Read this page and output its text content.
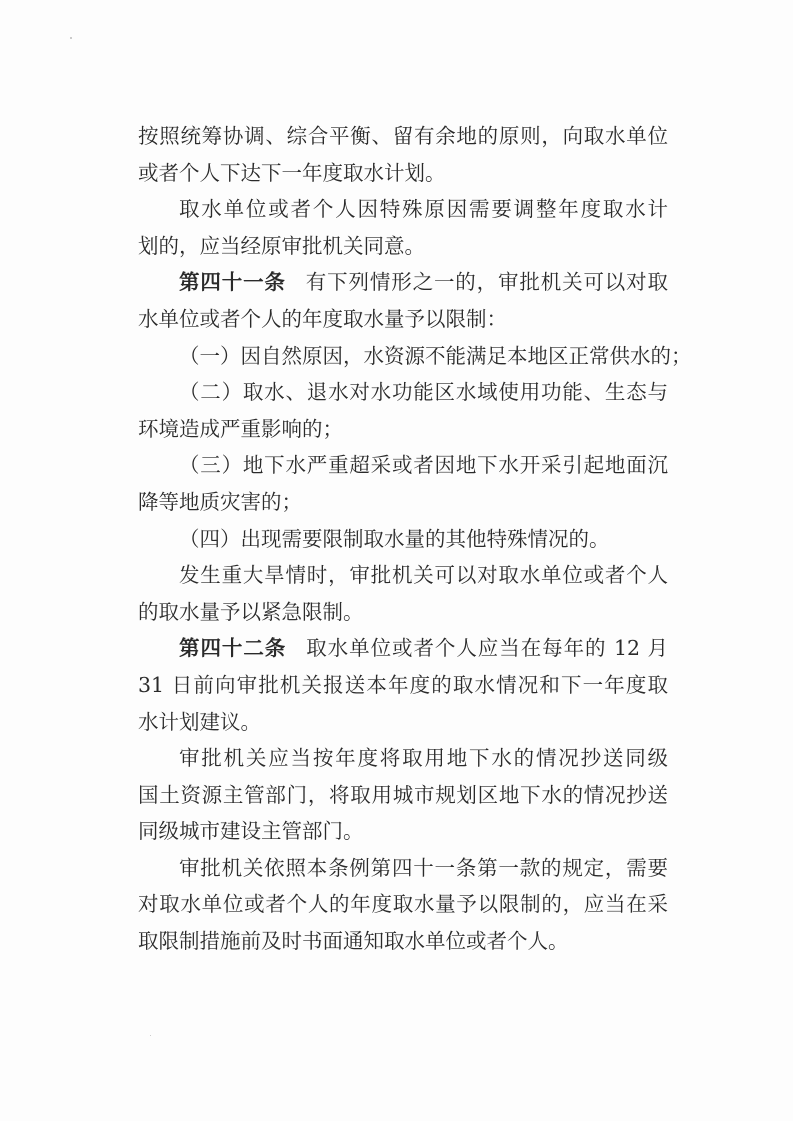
按照统筹协调、综合平衡、留有余地的原则，向取水单位
或者个人下达下一年度取水计划。
取水单位或者个人因特殊原因需要调整年度取水计
划的，应当经原审批机关同意。
第四十一条 有下列情形之一的，审批机关可以对取
水单位或者个人的年度取水量予以限制：
（一）因自然原因，水资源不能满足本地区正常供水的；
（二）取水、退水对水功能区水域使用功能、生态与
环境造成严重影响的；
（三）地下水严重超采或者因地下水开采引起地面沉
降等地质灾害的；
（四）出现需要限制取水量的其他特殊情况的。
发生重大旱情时，审批机关可以对取水单位或者个人
的取水量予以紧急限制。
第四十二条 取水单位或者个人应当在每年的 12 月
31 日前向审批机关报送本年度的取水情况和下一年度取
水计划建议。
审批机关应当按年度将取用地下水的情况抄送同级
国土资源主管部门，将取用城市规划区地下水的情况抄送
同级城市建设主管部门。
审批机关依照本条例第四十一条第一款的规定，需要
对取水单位或者个人的年度取水量予以限制的，应当在采
取限制措施前及时书面通知取水单位或者个人。
